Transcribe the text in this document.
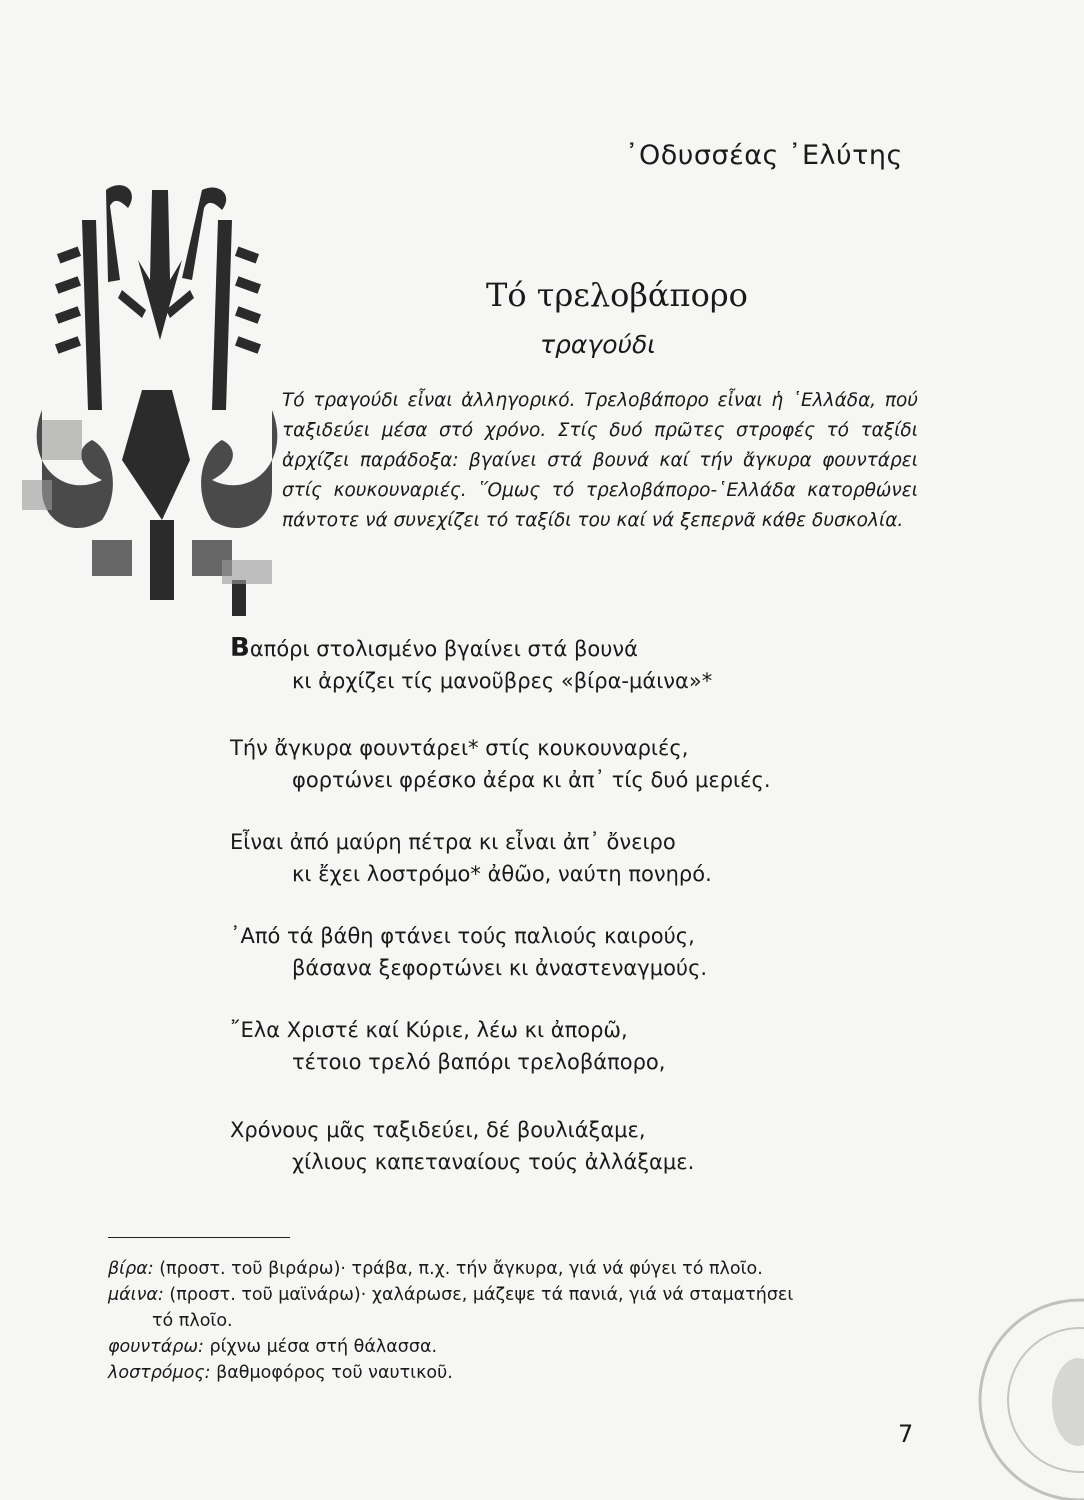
᾿Οδυσσέας ᾿Ελύτης
Τό τρελοβάπορο
τραγούδι
Τό τραγούδι εἶναι ἀλληγορικό. Τρελοβάπορο εἶναι ἡ ῾Ελλάδα, πού ταξιδεύει μέσα στό χρόνο. Στίς δυό πρῶτες στροφές τό ταξίδι ἀρχίζει παράδοξα: βγαίνει στά βουνά καί τήν ἄγκυρα φουντάρει στίς κουκουναριές. ῞Ομως τό τρελοβάπορο-῾Ελλάδα κατορθώνει πάντοτε νά συνεχίζει τό ταξίδι του καί νά ξεπερνᾶ κάθε δυσκολία.
Βαπόρι στολισμένο βγαίνει στά βουνά
κι ἀρχίζει τίς μανοῦβρες «βίρα-μάινα»*
Τήν ἄγκυρα φουντάρει* στίς κουκουναριές,
φορτώνει φρέσκο ἀέρα κι ἀπ᾿ τίς δυό μεριές.
Εἶναι ἀπό μαύρη πέτρα κι εἶναι ἀπ᾿ ὄνειρο
κι ἔχει λοστρόμο* ἀθῶο, ναύτη πονηρό.
᾿Από τά βάθη φτάνει τούς παλιούς καιρούς,
βάσανα ξεφορτώνει κι ἀναστεναγμούς.
῎Ελα Χριστέ καί Κύριε, λέω κι ἀπορῶ,
τέτοιο τρελό βαπόρι τρελοβάπορο,
Χρόνους μᾶς ταξιδεύει, δέ βουλιάξαμε,
χίλιους καπεταναίους τούς ἀλλάξαμε.
βίρα: (προστ. τοῦ βιράρω)· τράβα, π.χ. τήν ἄγκυρα, γιά νά φύγει τό πλοῖο.
μάινα: (προστ. τοῦ μαϊνάρω)· χαλάρωσε, μάζεψε τά πανιά, γιά νά σταματήσει
τό πλοῖο.
φουντάρω: ρίχνω μέσα στή θάλασσα.
λοστρόμος: βαθμοφόρος τοῦ ναυτικοῦ.
7
